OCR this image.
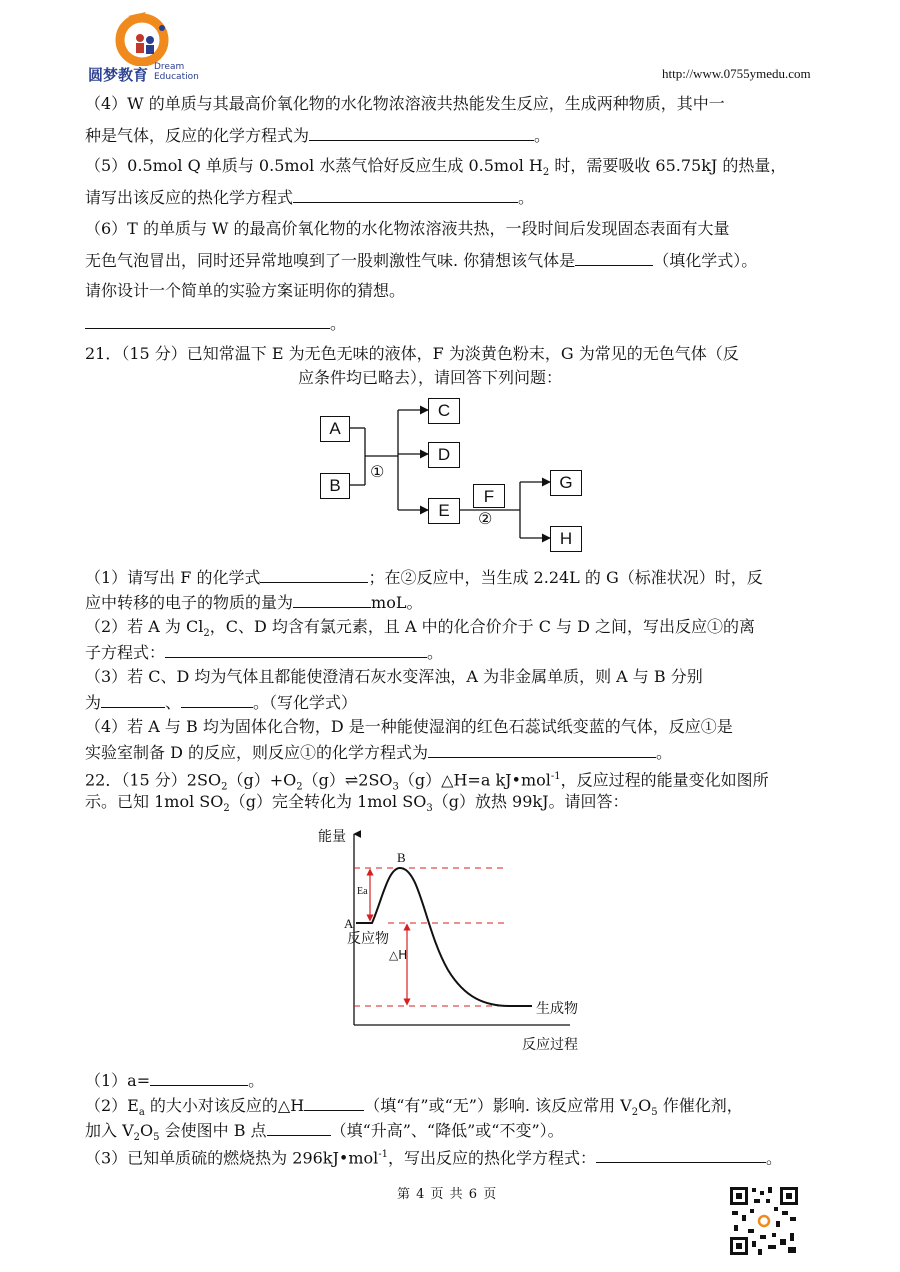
圆梦教育 Dream
Education	http://www.0755ymedu.com
（4）W 的单质与其最高价氧化物的水化物浓溶液共热能发生反应，生成两种物质，其中一
种是气体，反应的化学方程式为	。
（5）0.5mol Q 单质与 0.5mol 水蒸气恰好反应生成 0.5mol $H_2$ 时，需要吸收 65.75kJ 的热量，
请写出该反应的热化学方程式	。
（6）T 的单质与 W 的最高价氧化物的水化物浓溶液共热，一段时间后发现固态表面有大量
无色气泡冒出，同时还异常地嗅到了一股刺激性气味. 你猜想该气体是	（填化学式）。
请你设计一个简单的实验方案证明你的猜想。
。
21．（15 分）已知常温下 E 为无色无味的液体，F 为淡黄色粉末，G 为常见的无色气体（反
应条件均已略去），请回答下列问题：
A
B
①
C
D
E
F
②
G
H
（1）请写出 F 的化学式	；在②反应中，当生成 2.24L 的 G（标准状况）时，反
应中转移的电子的物质的量为	moL。
（2）若 A 为 $Cl_2$，C、D 均含有氯元素，且 A 中的化合价介于 C 与 D 之间，写出反应①的离
子方程式：	。
（3）若 C、D 均为气体且都能使澄清石灰水变浑浊，A 为非金属单质，则 A 与 B 分别
为	、	。（写化学式）
（4）若 A 与 B 均为固体化合物，D 是一种能使湿润的红色石蕊试纸变蓝的气体，反应①是
实验室制备 D 的反应，则反应①的化学方程式为	。
22．（15 分）$2SO_2(g)+O_2(g)\rightleftharpoons 2SO_3(g)\triangle H=a$ kJ•mol$^{-1}$，反应过程的能量变化如图所
示。已知 1mol $SO_2(g)$完全转化为 1mol $SO_3(g)$放热 99kJ。请回答：
能量
B
A
Ea
△H
反应物
生成物
反应过程
（1）a=	。
$(2)E_a$ 的大小对该反应的△H	（填“有”或“无”）影响. 该反应常用 $V_2O_5$ 作催化剂，
加入 $V_2O_5$ 会使图中 B 点	（填“升高”、“降低”或“不变”）。
（3）已知单质硫的燃烧热为 296kJ•mol$^{-1}$，写出反应的热化学方程式：	。
第 4 页 共 6 页
